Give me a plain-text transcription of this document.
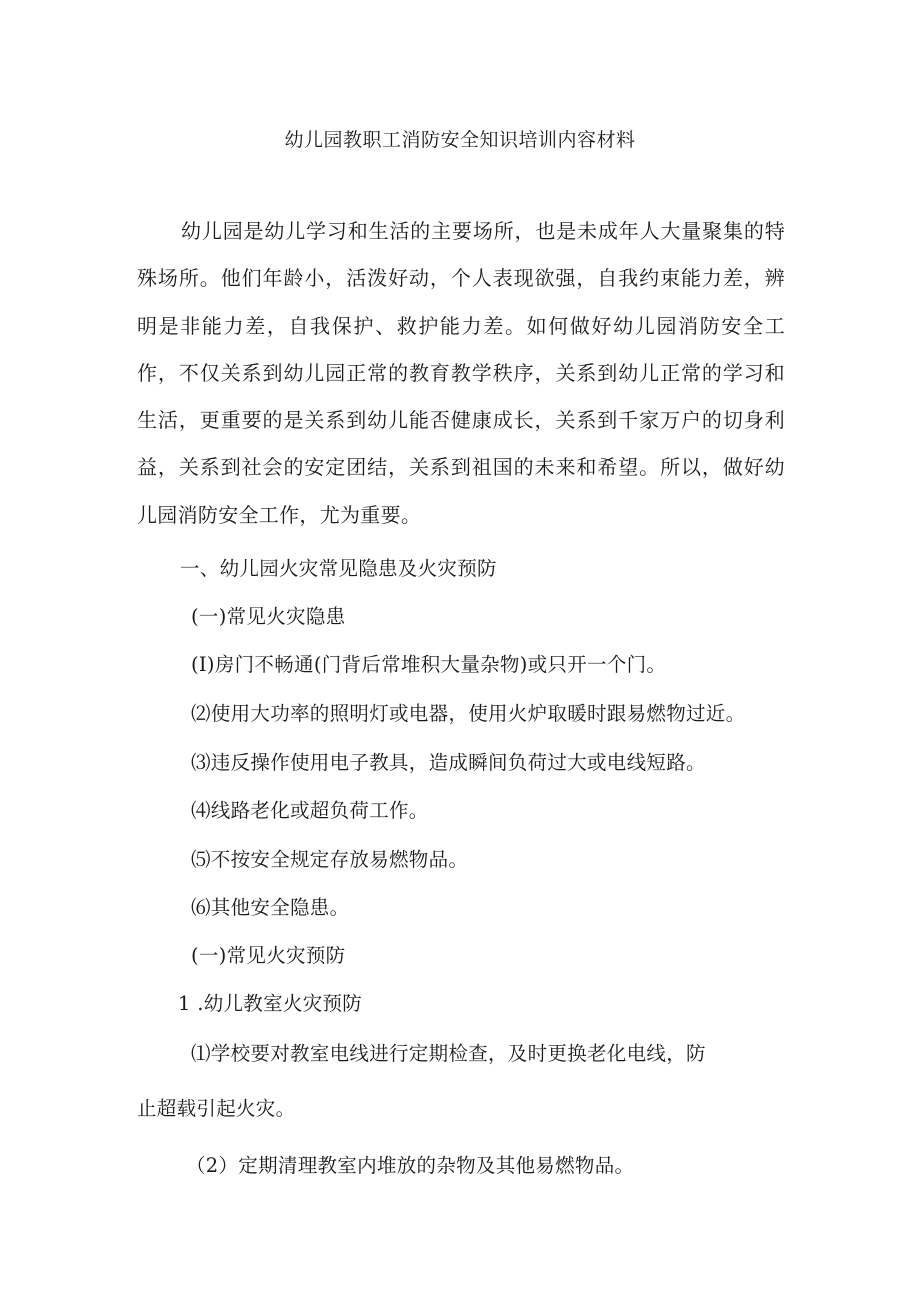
幼儿园教职工消防安全知识培训内容材料

幼儿园是幼儿学习和生活的主要场所，也是未成年人大量聚集的特殊场所。他们年龄小，活泼好动，个人表现欲强，自我约束能力差，辨明是非能力差，自我保护、救护能力差。如何做好幼儿园消防安全工作，不仅关系到幼儿园正常的教育教学秩序，关系到幼儿正常的学习和生活，更重要的是关系到幼儿能否健康成长，关系到千家万户的切身利益，关系到社会的安定团结，关系到祖国的未来和希望。所以，做好幼儿园消防安全工作，尤为重要。

一、幼儿园火灾常见隐患及火灾预防
(一)常见火灾隐患
(I)房门不畅通(门背后常堆积大量杂物)或只开一个门。
⑵使用大功率的照明灯或电器，使用火炉取暖时跟易燃物过近。
⑶违反操作使用电子教具，造成瞬间负荷过大或电线短路。
⑷线路老化或超负荷工作。
⑸不按安全规定存放易燃物品。
⑹其他安全隐患。
(一)常见火灾预防
1 .幼儿教室火灾预防
⑴学校要对教室电线进行定期检查，及时更换老化电线，防
止超载引起火灾。
（2）定期清理教室内堆放的杂物及其他易燃物品。
